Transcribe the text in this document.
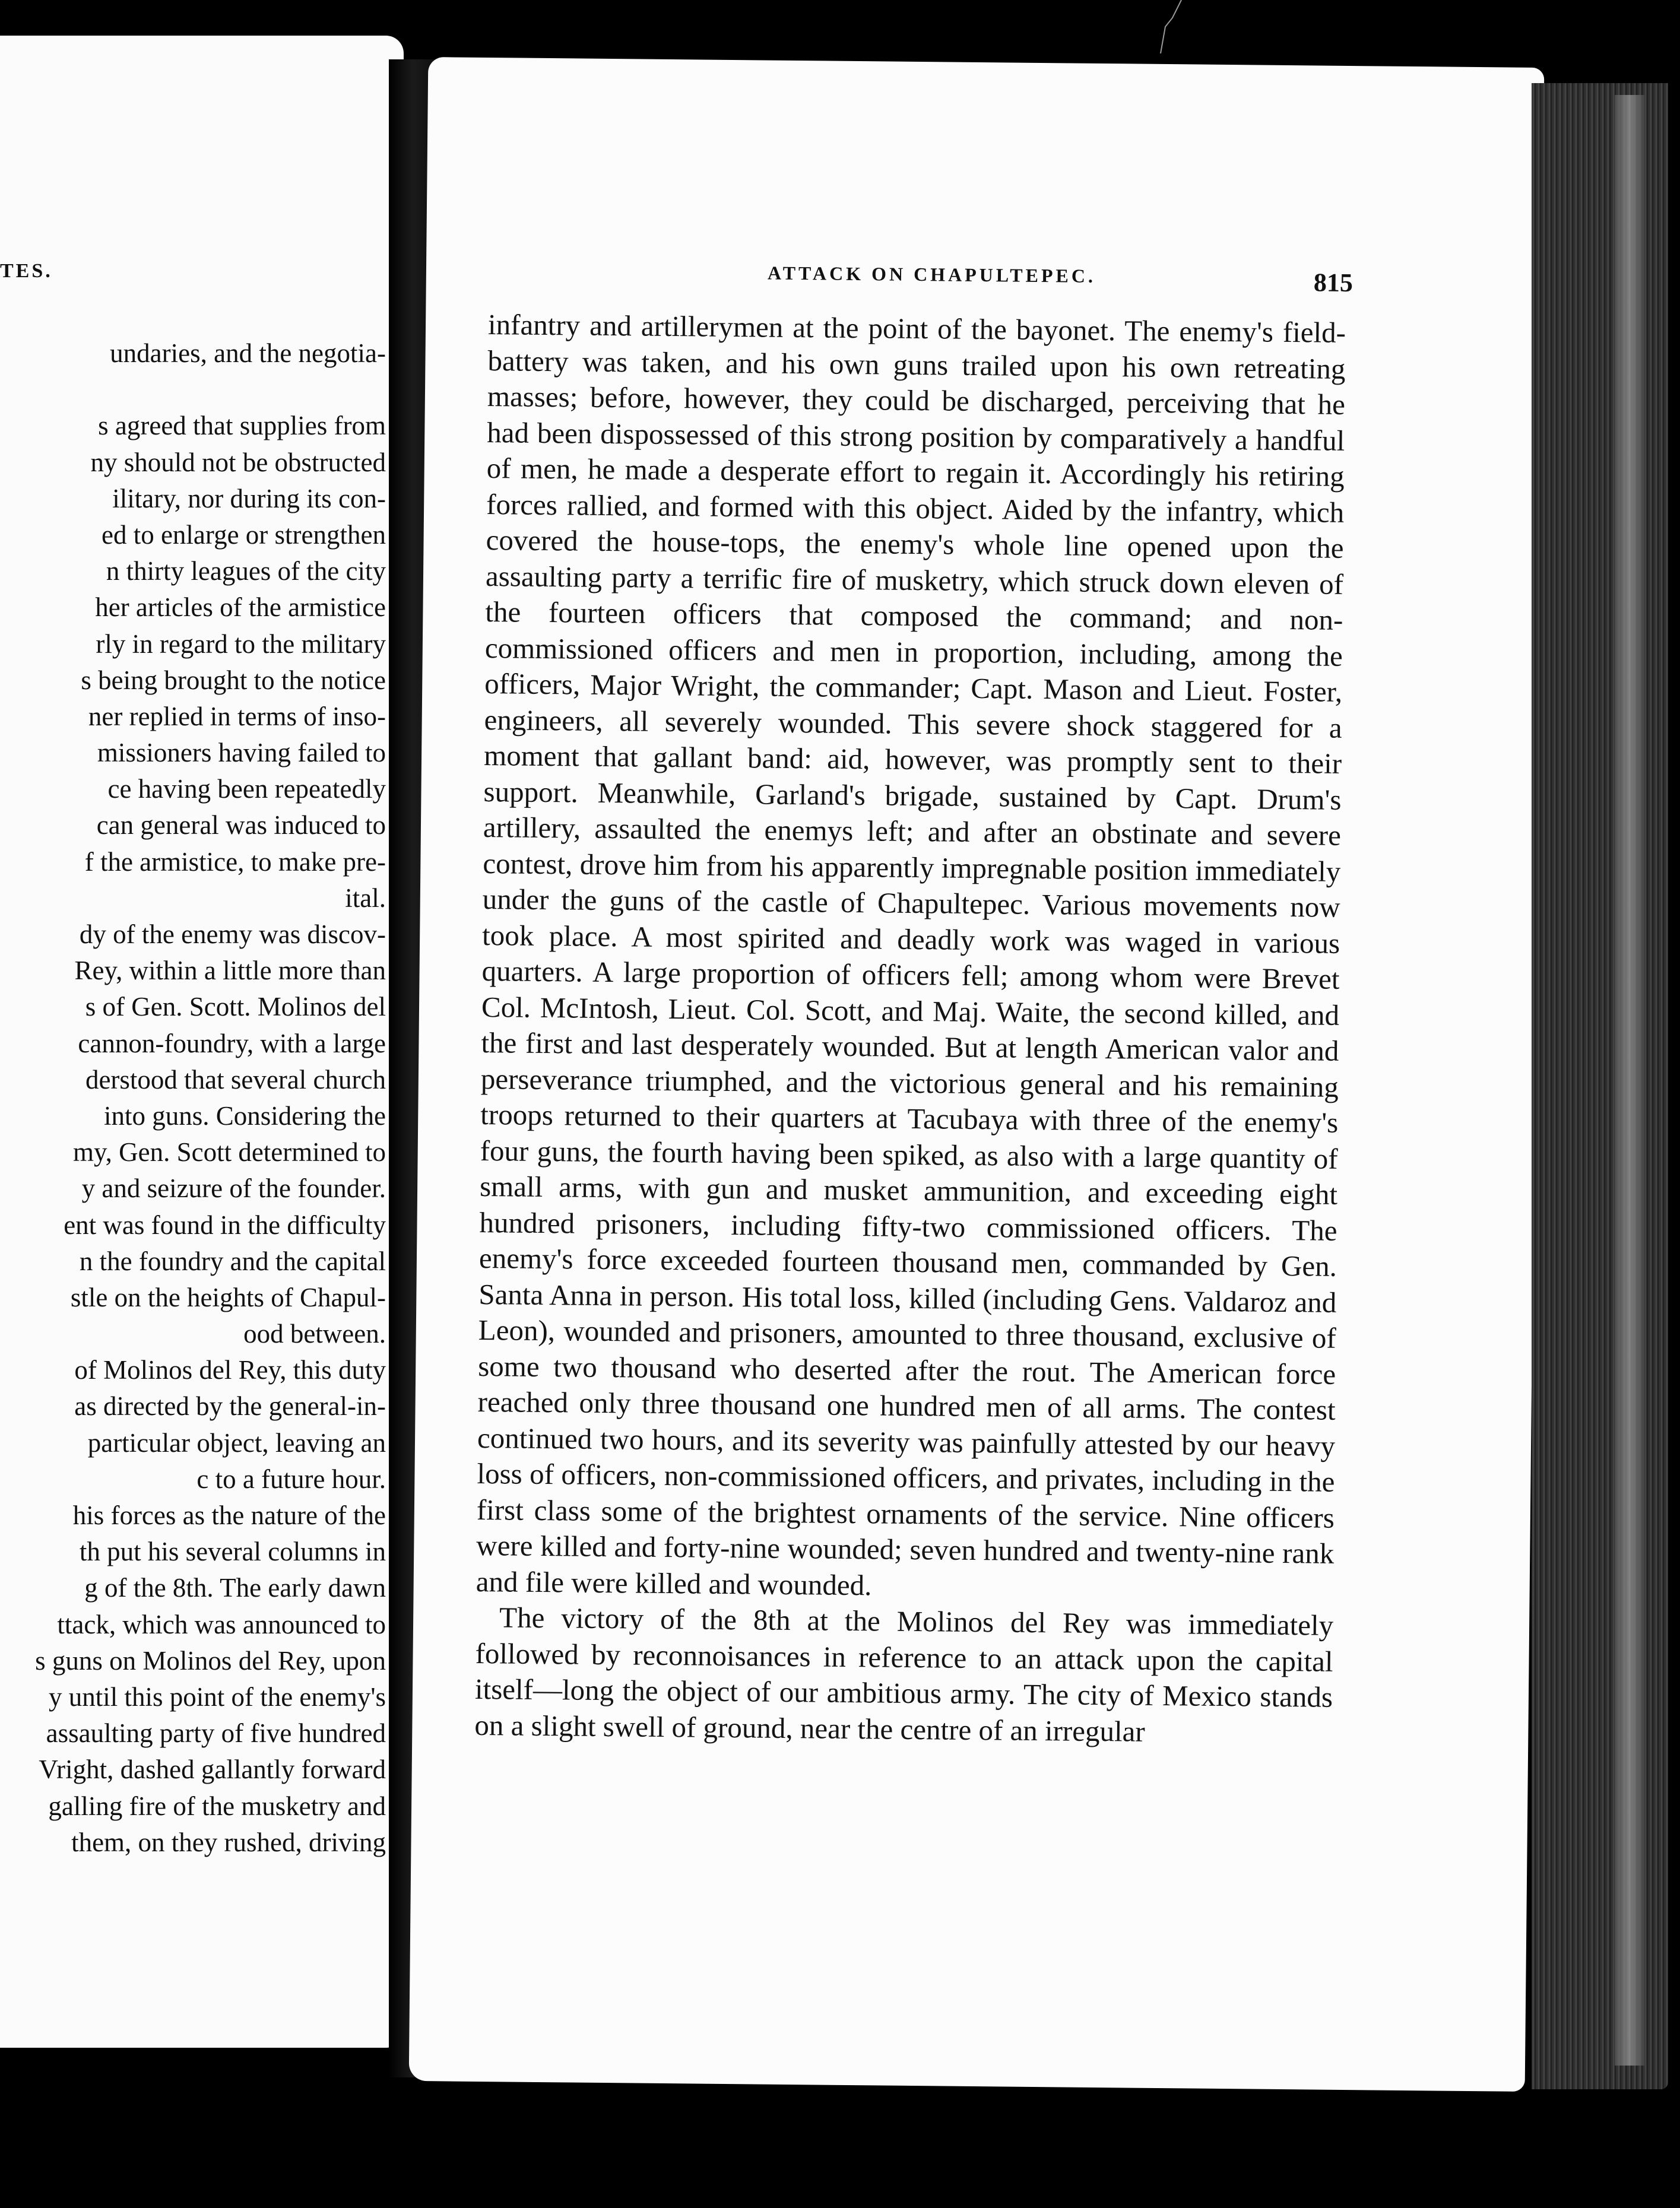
TES.
undaries, and the negotia-
s agreed that supplies from
ny should not be obstructed
ilitary, nor during its con-
ed to enlarge or strengthen
n thirty leagues of the city
her articles of the armistice
rly in regard to the military
s being brought to the notice
ner replied in terms of inso-
missioners having failed to
ce having been repeatedly
can general was induced to
f the armistice, to make pre-
ital.
dy of the enemy was discov-
Rey, within a little more than
s of Gen. Scott. Molinos del
cannon-foundry, with a large
derstood that several church
into guns. Considering the
my, Gen. Scott determined to
y and seizure of the founder.
ent was found in the difficulty
n the foundry and the capital
stle on the heights of Chapul-
ood between.
of Molinos del Rey, this duty
as directed by the general-in-
particular object, leaving an
c to a future hour.
his forces as the nature of the
th put his several columns in
g of the 8th. The early dawn
ttack, which was announced to
s guns on Molinos del Rey, upon
y until this point of the enemy's
assaulting party of five hundred
Vright, dashed gallantly forward
galling fire of the musketry and
them, on they rushed, driving
ATTACK ON CHAPULTEPEC.	815

infantry and artillerymen at the point of the bayonet. The enemy's field-battery was taken, and his own guns trailed upon his own retreating masses; before, however, they could be discharged, perceiving that he had been dispossessed of this strong position by comparatively a handful of men, he made a desperate effort to regain it. Accordingly his retiring forces rallied, and formed with this object. Aided by the infantry, which covered the house-tops, the enemy's whole line opened upon the assaulting party a terrific fire of musketry, which struck down eleven of the fourteen officers that composed the command; and non-commissioned officers and men in proportion, including, among the officers, Major Wright, the commander; Capt. Mason and Lieut. Foster, engineers, all severely wounded. This severe shock staggered for a moment that gallant band: aid, however, was promptly sent to their support. Meanwhile, Garland's brigade, sustained by Capt. Drum's artillery, assaulted the enemys left; and after an obstinate and severe contest, drove him from his apparently impregnable position immediately under the guns of the castle of Chapultepec. Various movements now took place. A most spirited and deadly work was waged in various quarters. A large proportion of officers fell; among whom were Brevet Col. McIntosh, Lieut. Col. Scott, and Maj. Waite, the second killed, and the first and last desperately wounded. But at length American valor and perseverance triumphed, and the victorious general and his remaining troops returned to their quarters at Tacubaya with three of the enemy's four guns, the fourth having been spiked, as also with a large quantity of small arms, with gun and musket ammunition, and exceeding eight hundred prisoners, including fifty-two commissioned officers. The enemy's force exceeded fourteen thousand men, commanded by Gen. Santa Anna in person. His total loss, killed (including Gens. Valdaroz and Leon), wounded and prisoners, amounted to three thousand, exclusive of some two thousand who deserted after the rout. The American force reached only three thousand one hundred men of all arms. The contest continued two hours, and its severity was painfully attested by our heavy loss of officers, non-commissioned officers, and privates, including in the first class some of the brightest ornaments of the service. Nine officers were killed and forty-nine wounded; seven hundred and twenty-nine rank and file were killed and wounded.

The victory of the 8th at the Molinos del Rey was immediately followed by reconnoisances in reference to an attack upon the capital itself—long the object of our ambitious army. The city of Mexico stands on a slight swell of ground, near the centre of an irregular
